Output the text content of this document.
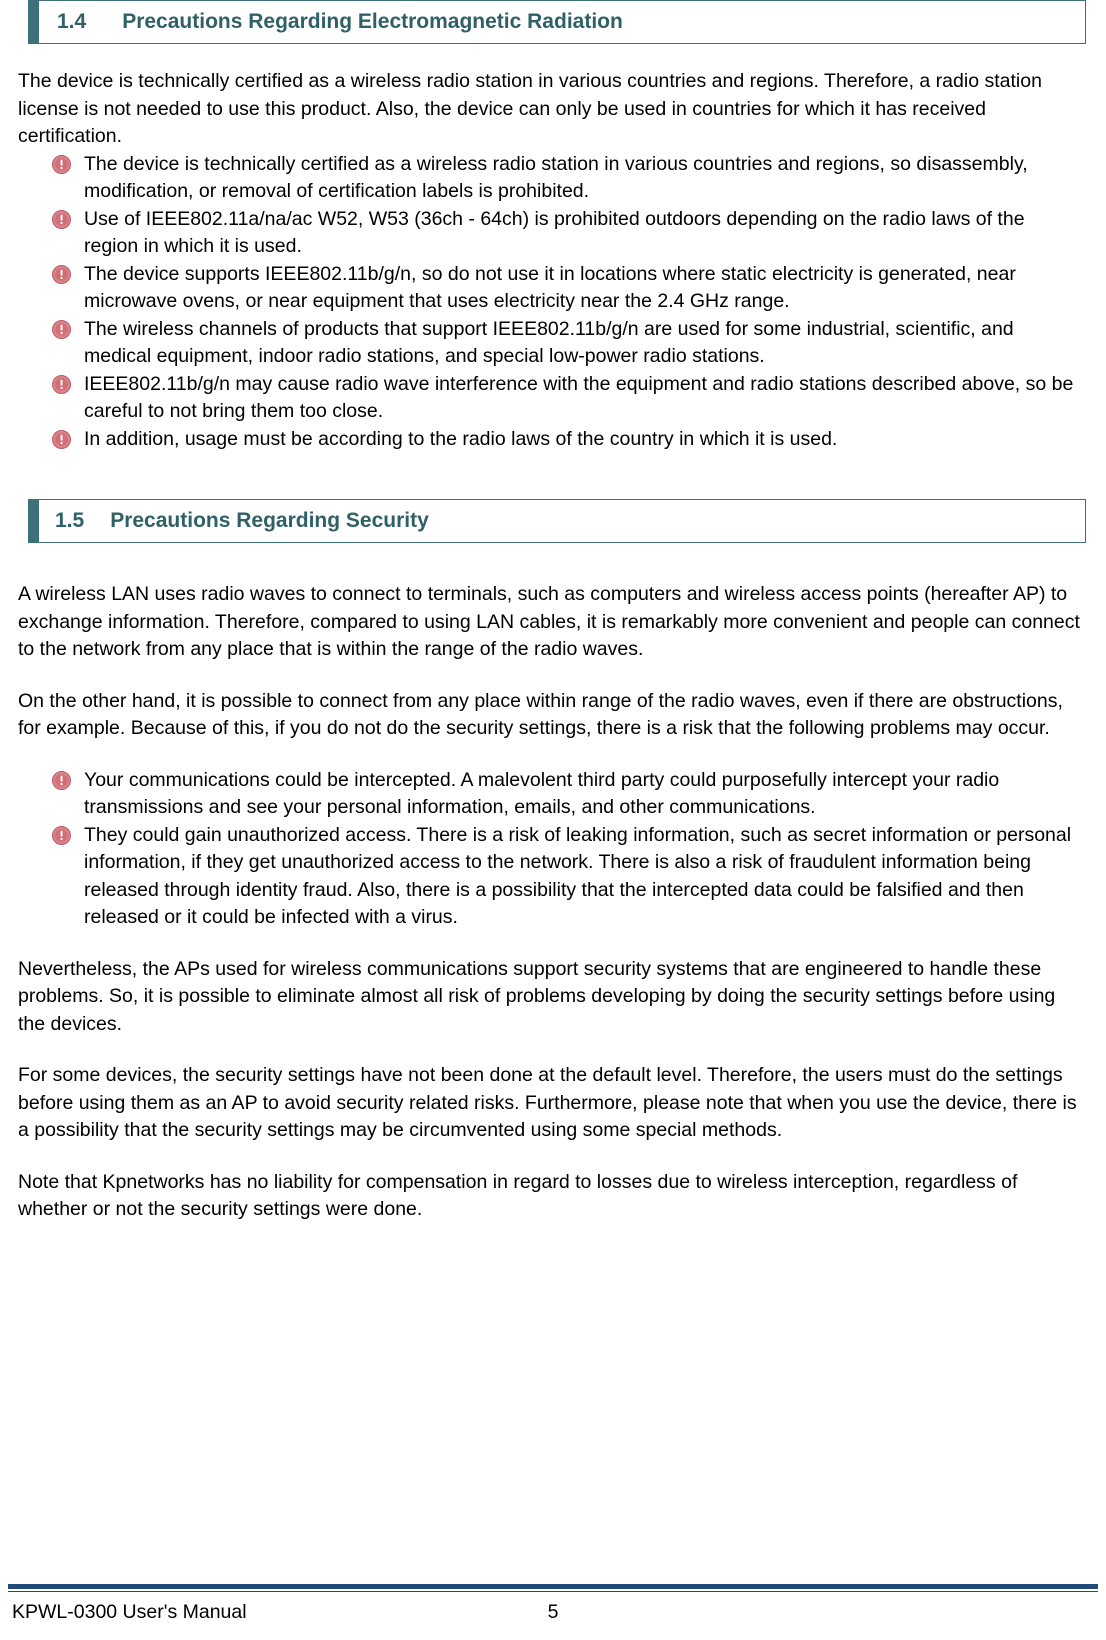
1.4 Precautions Regarding Electromagnetic Radiation

The device is technically certified as a wireless radio station in various countries and regions. Therefore, a radio station license is not needed to use this product. Also, the device can only be used in countries for which it has received certification.

The device is technically certified as a wireless radio station in various countries and regions, so disassembly, modification, or removal of certification labels is prohibited.
Use of IEEE802.11a/na/ac W52, W53 (36ch - 64ch) is prohibited outdoors depending on the radio laws of the region in which it is used.
The device supports IEEE802.11b/g/n, so do not use it in locations where static electricity is generated, near microwave ovens, or near equipment that uses electricity near the 2.4 GHz range.
The wireless channels of products that support IEEE802.11b/g/n are used for some industrial, scientific, and medical equipment, indoor radio stations, and special low-power radio stations.
IEEE802.11b/g/n may cause radio wave interference with the equipment and radio stations described above, so be careful to not bring them too close.
In addition, usage must be according to the radio laws of the country in which it is used.
1.5 Precautions Regarding Security

A wireless LAN uses radio waves to connect to terminals, such as computers and wireless access points (hereafter AP) to exchange information. Therefore, compared to using LAN cables, it is remarkably more convenient and people can connect to the network from any place that is within the range of the radio waves.

On the other hand, it is possible to connect from any place within range of the radio waves, even if there are obstructions, for example. Because of this, if you do not do the security settings, there is a risk that the following problems may occur.

Your communications could be intercepted. A malevolent third party could purposefully intercept your radio transmissions and see your personal information, emails, and other communications.
They could gain unauthorized access. There is a risk of leaking information, such as secret information or personal information, if they get unauthorized access to the network. There is also a risk of fraudulent information being released through identity fraud. Also, there is a possibility that the intercepted data could be falsified and then released or it could be infected with a virus.

Nevertheless, the APs used for wireless communications support security systems that are engineered to handle these problems. So, it is possible to eliminate almost all risk of problems developing by doing the security settings before using the devices.

For some devices, the security settings have not been done at the default level. Therefore, the users must do the settings before using them as an AP to avoid security related risks. Furthermore, please note that when you use the device, there is a possibility that the security settings may be circumvented using some special methods.

Note that Kpnetworks has no liability for compensation in regard to losses due to wireless interception, regardless of whether or not the security settings were done.

KPWL-0300 User's Manual	5
